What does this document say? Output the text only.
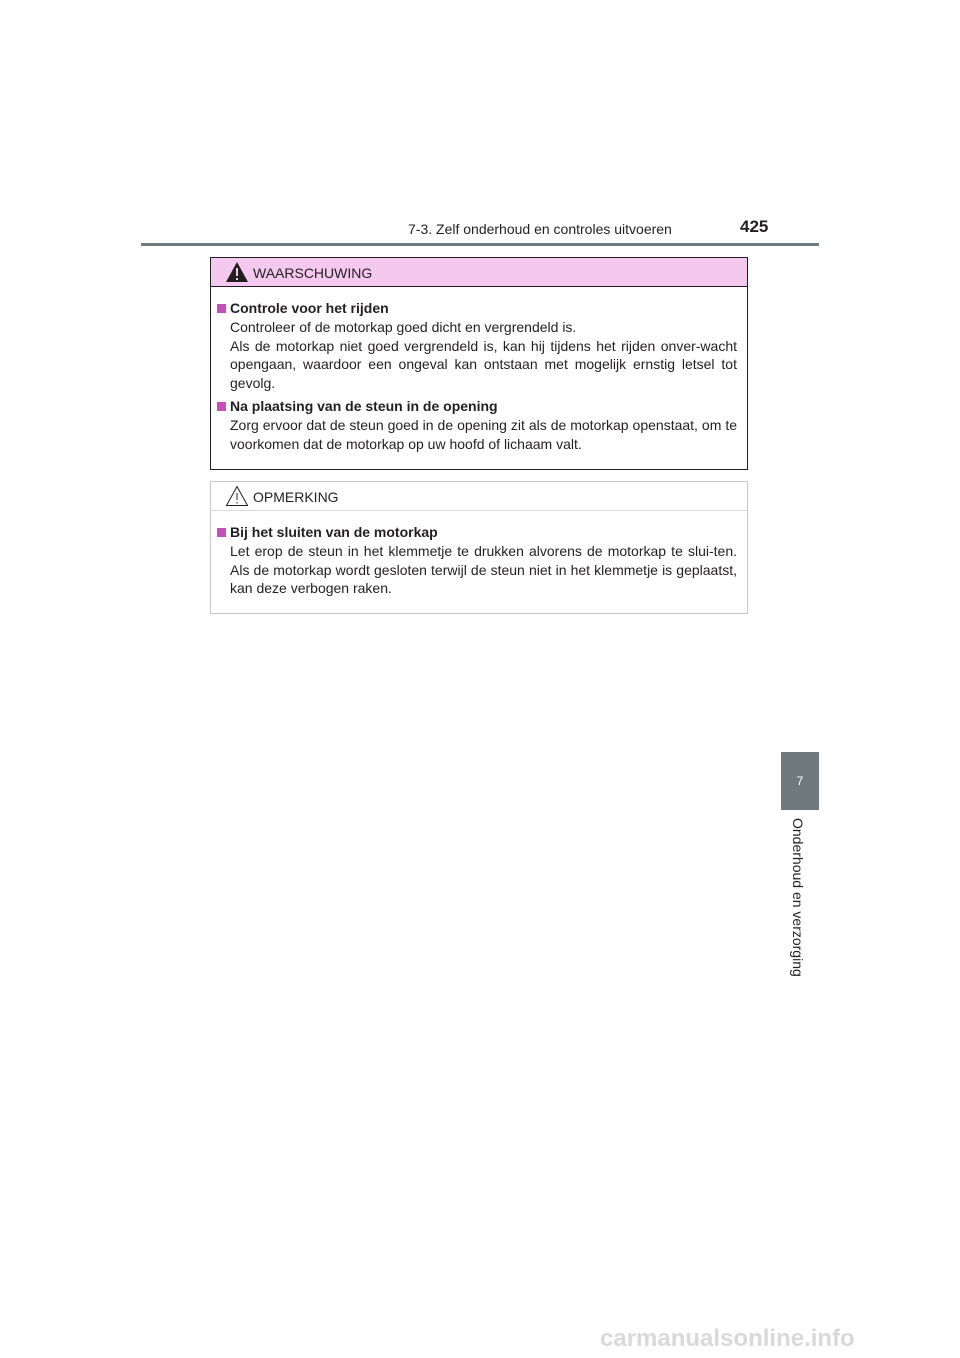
7-3. Zelf onderhoud en controles uitvoeren	425
WAARSCHUWING
Controle voor het rijden
Controleer of de motorkap goed dicht en vergrendeld is.
Als de motorkap niet goed vergrendeld is, kan hij tijdens het rijden onver-wacht opengaan, waardoor een ongeval kan ontstaan met mogelijk ernstig letsel tot gevolg.
Na plaatsing van de steun in de opening
Zorg ervoor dat de steun goed in de opening zit als de motorkap openstaat, om te voorkomen dat de motorkap op uw hoofd of lichaam valt.
OPMERKING
Bij het sluiten van de motorkap
Let erop de steun in het klemmetje te drukken alvorens de motorkap te slui-ten. Als de motorkap wordt gesloten terwijl de steun niet in het klemmetje is geplaatst, kan deze verbogen raken.
7
Onderhoud en verzorging
carmanualsonline.info
